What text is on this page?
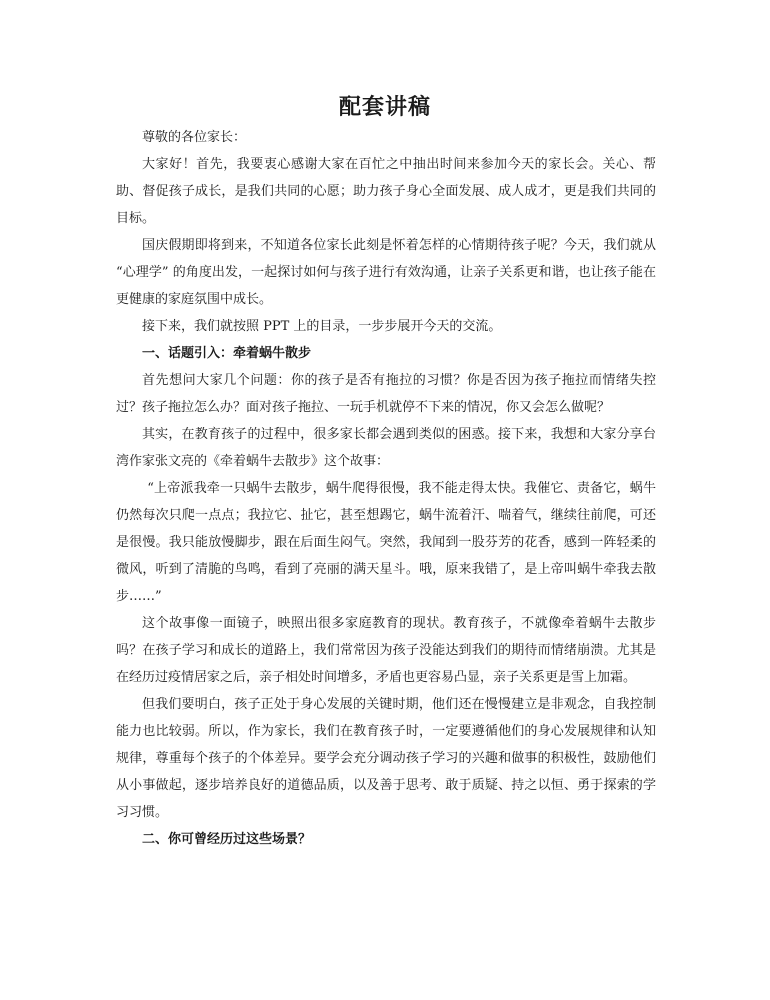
配套讲稿

尊敬的各位家长：

大家好！首先，我要衷心感谢大家在百忙之中抽出时间来参加今天的家长会。关心、帮助、督促孩子成长，是我们共同的心愿；助力孩子身心全面发展、成人成才，更是我们共同的目标。

国庆假期即将到来，不知道各位家长此刻是怀着怎样的心情期待孩子呢？今天，我们就从 “心理学” 的角度出发，一起探讨如何与孩子进行有效沟通，让亲子关系更和谐，也让孩子能在更健康的家庭氛围中成长。

接下来，我们就按照 PPT 上的目录，一步步展开今天的交流。

一、话题引入：牵着蜗牛散步

首先想问大家几个问题：你的孩子是否有拖拉的习惯？你是否因为孩子拖拉而情绪失控过？孩子拖拉怎么办？面对孩子拖拉、一玩手机就停不下来的情况，你又会怎么做呢？

其实，在教育孩子的过程中，很多家长都会遇到类似的困惑。接下来，我想和大家分享台湾作家张文亮的《牵着蜗牛去散步》这个故事：

“上帝派我牵一只蜗牛去散步，蜗牛爬得很慢，我不能走得太快。我催它、责备它，蜗牛仍然每次只爬一点点；我拉它、扯它，甚至想踢它，蜗牛流着汗、喘着气，继续往前爬，可还是很慢。我只能放慢脚步，跟在后面生闷气。突然，我闻到一股芬芳的花香，感到一阵轻柔的微风，听到了清脆的鸟鸣，看到了亮丽的满天星斗。哦，原来我错了，是上帝叫蜗牛牵我去散步……”

这个故事像一面镜子，映照出很多家庭教育的现状。教育孩子，不就像牵着蜗牛去散步吗？在孩子学习和成长的道路上，我们常常因为孩子没能达到我们的期待而情绪崩溃。尤其是在经历过疫情居家之后，亲子相处时间增多，矛盾也更容易凸显，亲子关系更是雪上加霜。

但我们要明白，孩子正处于身心发展的关键时期，他们还在慢慢建立是非观念，自我控制能力也比较弱。所以，作为家长，我们在教育孩子时，一定要遵循他们的身心发展规律和认知规律，尊重每个孩子的个体差异。要学会充分调动孩子学习的兴趣和做事的积极性，鼓励他们从小事做起，逐步培养良好的道德品质，以及善于思考、敢于质疑、持之以恒、勇于探索的学习习惯。

二、你可曾经历过这些场景？
